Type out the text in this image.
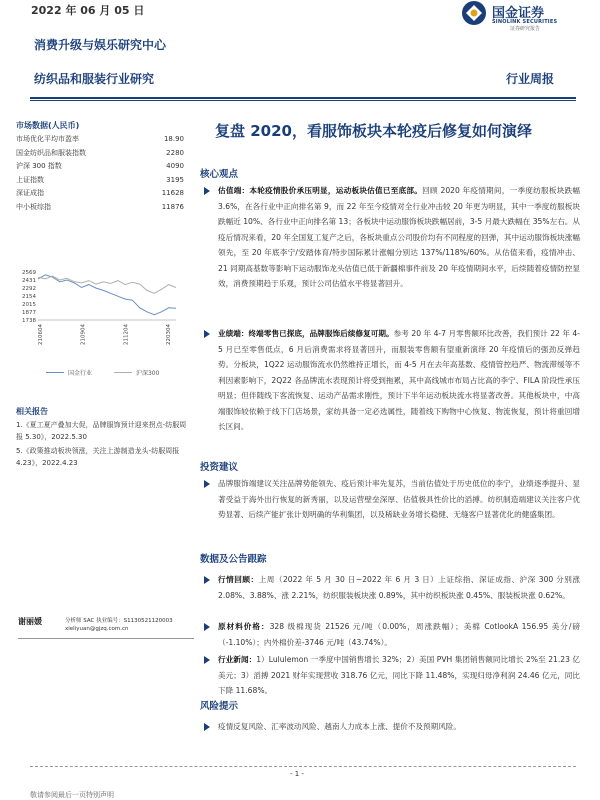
2022 年 06 月 05 日
消费升级与娱乐研究中心
纺织品和服装行业研究
国金证券
SINOLINK SECURITIES
证券研究报告
行业周报
市场数据(人民币)
市场优化平均市盈率	18.90
国金纺织品和服装指数	2280
沪深 300 指数	4090
上证指数	3195
深证成指	11628
中小板综指	11876
1738
1877
2015
2154
2292
2431
2569
210604	210904	211204	220304
国金行业
	沪深300
相关报告
1.《夏工夏产叠加大促，品牌服饰预计迎来拐点-纺服周报 5.30》，2022.5.30
5.《政策推动板块领涨，关注上游制造龙头-纺服周报 4.23》，2022.4.23
谢丽媛	分析师 SAC 执业编号：S1130521120003
xieliyuan@gjzq.com.cn
复盘 2020，看服饰板块本轮疫后修复如何演绎
核心观点
估值端：本轮疫情股价承压明显，运动板块估值已至底部。回顾 2020 年疫情期间，一季度纺服板块跌幅 3.6%，在各行业中正向排名第 9，而 22 年至今疫情对全行业冲击较 20 年更为明显，其中一季度纺服板块跌幅近 10%、各行业中正向排名第 13；各板块中运动服饰板块跌幅居前，3-5 月最大跌幅在 35%左右。从疫后情况来看，20 年全国复工复产之后，各板块重点公司股价均有不同程度的回弹，其中运动服饰板块涨幅领先，至 20 年底李宁/安踏体育/特步国际累计涨幅分别达 137%/118%/60%。从估值来看，疫情冲击、21 同期高基数等影响下运动服饰龙头估值已低于新疆棉事件前及 20 年疫情期间水平，后续随着疫情防控显效，消费预期趋于乐观，预计公司估值水平将显著回升。
业绩端：终端零售已探底，品牌服饰后续修复可期。参考 20 年 4-7 月零售额环比改善，我们预计 22 年 4-5 月已至零售低点，6 月后消费需求将显著回升，而服装零售额有望重新演绎 20 年疫情后的强劲反弹趋势。分板块，1Q22 运动服饰流水仍然维持正增长，而 4-5 月在去年高基数、疫情管控趋严、物流滞缓等不利因素影响下，2Q22 各品牌流水表现预计将受到拖累，其中高线城市布局占比高的李宁、FILA 阶段性承压明显；但伴随线下客流恢复、运动产品需求刚性，预计下半年运动板块流水将显著改善。其他板块中，中高端服饰较依赖于线下门店场景，家纺具备一定必选属性，随着线下购物中心恢复、物流恢复，预计将重回增长区间。
投资建议
品牌服饰端建议关注品牌势能领先、疫后预计率先复苏，当前估值处于历史低位的李宁，业绩逐季提升、显著受益于海外出行恢复的新秀丽，以及运营壁垒深厚、估值极具性价比的滔搏。纺织制造端建议关注客户优势显著、后续产能扩张计划明确的华利集团，以及稀缺业务增长稳健、无缝客户显著优化的健盛集团。
数据及公告跟踪
行情回顾：上周（2022 年 5 月 30 日~2022 年 6 月 3 日）上证综指、深证成指、沪深 300 分别涨 2.08%、3.88%、涨 2.21%，纺织服装板块涨 0.89%，其中纺织板块涨 0.45%、服装板块涨 0.62%。
原材料价格：328 级棉现货 21526 元/吨（0.00%，周涨跌幅）；美棉 CotlookA 156.95 美分/磅（-1.10%）；内外棉价差-3746 元/吨（43.74%）。
行业新闻：1）Lululemon 一季度中国销售增长 32%；2）美国 PVH 集团销售额同比增长 2%至 21.23 亿美元；3）滔搏 2021 财年实现营收 318.76 亿元，同比下降 11.48%，实现归母净利润 24.46 亿元，同比下降 11.68%。
风险提示
疫情反复风险、汇率波动风险、越南人力成本上涨、提价不及预期风险。
- 1 -
敬请参阅最后一页特别声明
